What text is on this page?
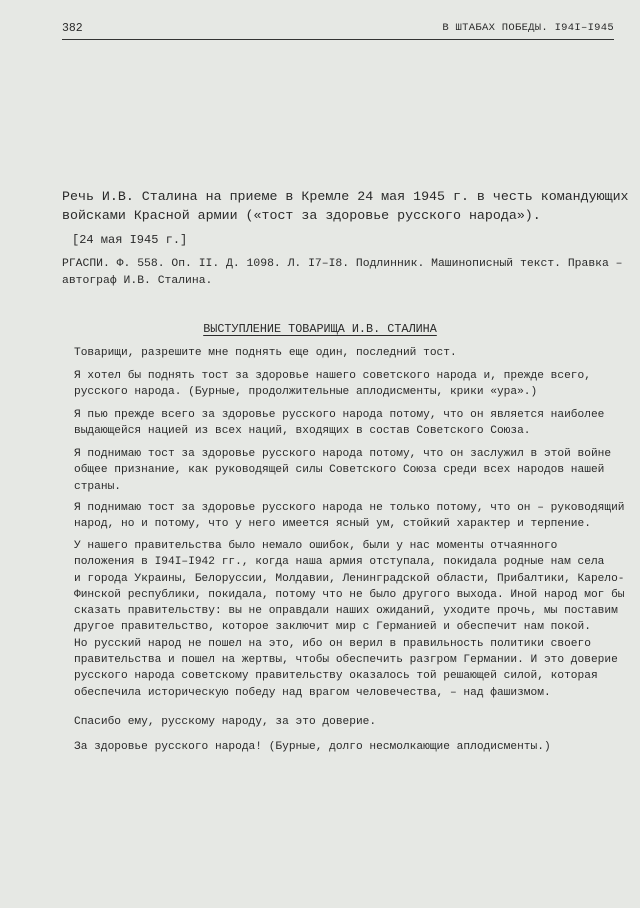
382	В ШТАБАХ ПОБЕДЫ. I94I–I945
Речь И.В. Сталина на приеме в Кремле 24 мая 1945 г. в честь командующих
войсками Красной армии («тост за здоровье русского народа»).
[24 мая I945 г.]
РГАСПИ. Ф. 558. Оп. II. Д. 1098. Л. I7–I8. Подлинник. Машинописный текст. Правка –
автограф И.В. Сталина.
ВЫСТУПЛЕНИЕ ТОВАРИЩА И.В. СТАЛИНА
Товарищи, разрешите мне поднять еще один, последний тост.
Я хотел бы поднять тост за здоровье нашего советского народа и, прежде всего,
русского народа. (Бурные, продолжительные аплодисменты, крики «ура».)
Я пью прежде всего за здоровье русского народа потому, что он является наиболее
выдающейся нацией из всех наций, входящих в состав Советского Союза.
Я поднимаю тост за здоровье русского народа потому, что он заслужил в этой войне
общее признание, как руководящей силы Советского Союза среди всех народов нашей
страны.
Я поднимаю тост за здоровье русского народа не только потому, что он – руководящий
народ, но и потому, что у него имеется ясный ум, стойкий характер и терпение.
У нашего правительства было немало ошибок, были у нас моменты отчаянного
положения в I94I–I942 гг., когда наша армия отступала, покидала родные нам села
и города Украины, Белоруссии, Молдавии, Ленинградской области, Прибалтики, Карело-
Финской республики, покидала, потому что не было другого выхода. Иной народ мог бы
сказать правительству: вы не оправдали наших ожиданий, уходите прочь, мы поставим
другое правительство, которое заключит мир с Германией и обеспечит нам покой.
Но русский народ не пошел на это, ибо он верил в правильность политики своего
правительства и пошел на жертвы, чтобы обеспечить разгром Германии. И это доверие
русского народа советскому правительству оказалось той решающей силой, которая
обеспечила историческую победу над врагом человечества, – над фашизмом.
Спасибо ему, русскому народу, за это доверие.
За здоровье русского народа! (Бурные, долго несмолкающие аплодисменты.)
